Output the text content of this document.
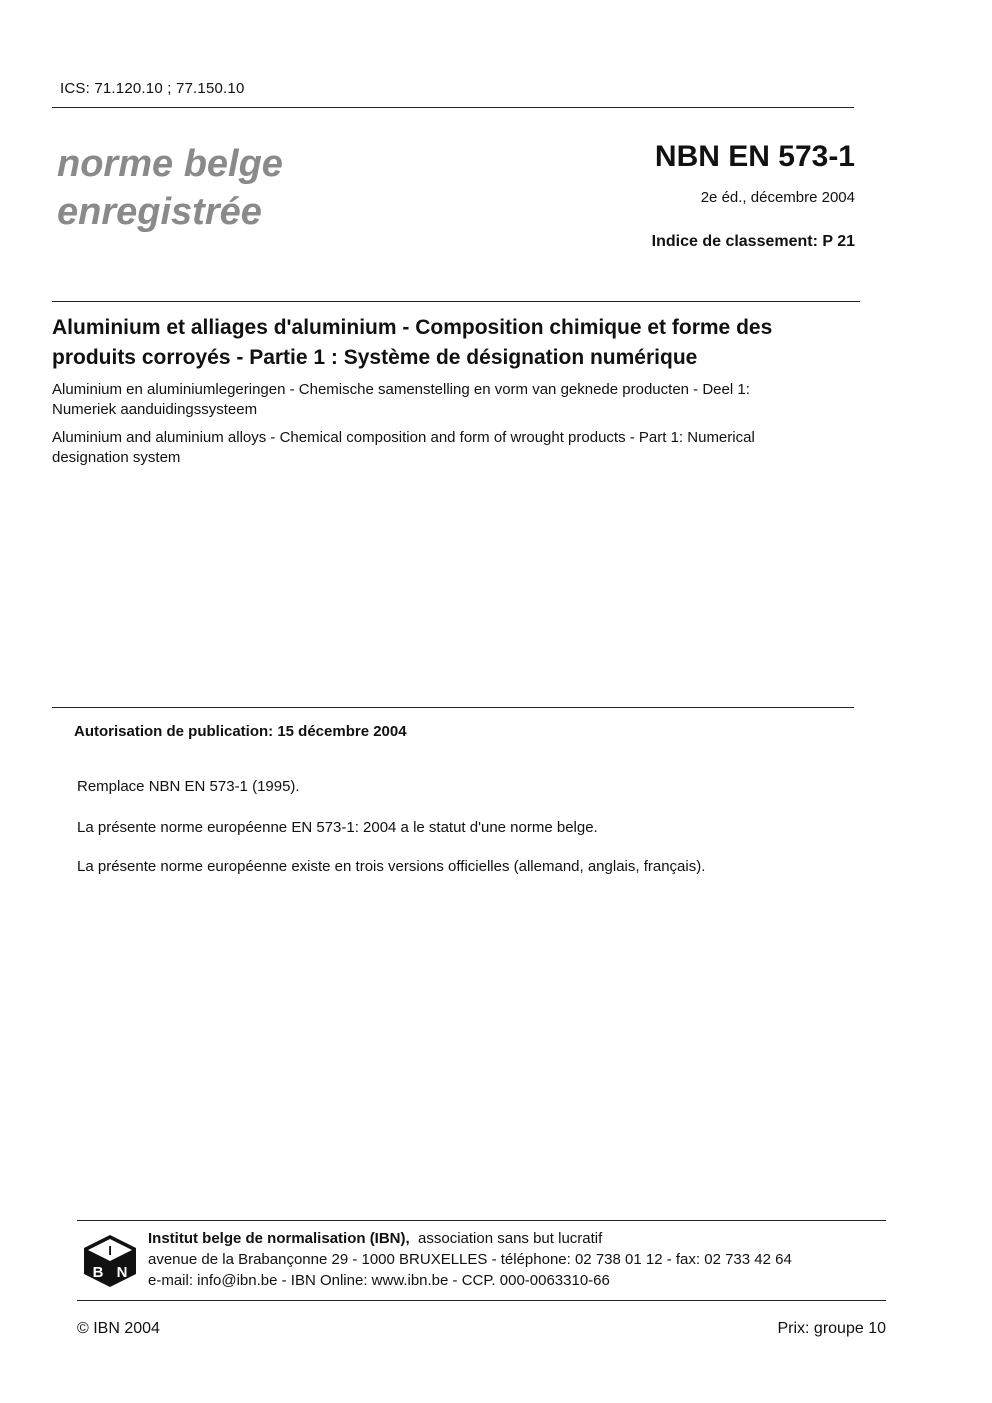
ICS: 71.120.10 ; 77.150.10
norme belge
enregistrée
NBN EN 573-1
2e éd., décembre 2004
Indice de classement: P 21
Aluminium et alliages d'aluminium - Composition chimique et forme des
produits corroyés - Partie 1 : Système de désignation numérique
Aluminium en aluminiumlegeringen - Chemische samenstelling en vorm van geknede producten - Deel 1:
Numeriek aanduidingssysteem
Aluminium and aluminium alloys - Chemical composition and form of wrought products - Part 1: Numerical
designation system
Autorisation de publication: 15 décembre 2004
Remplace NBN EN 573-1 (1995).
La présente norme européenne EN 573-1: 2004 a le statut d'une norme belge.
La présente norme européenne existe en trois versions officielles (allemand, anglais, français).
I
B N
Institut belge de normalisation (IBN), association sans but lucratif
avenue de la Brabançonne 29 - 1000 BRUXELLES - téléphone: 02 738 01 12 - fax: 02 733 42 64
e-mail: info@ibn.be - IBN Online: www.ibn.be - CCP. 000-0063310-66
© IBN 2004	Prix: groupe 10
